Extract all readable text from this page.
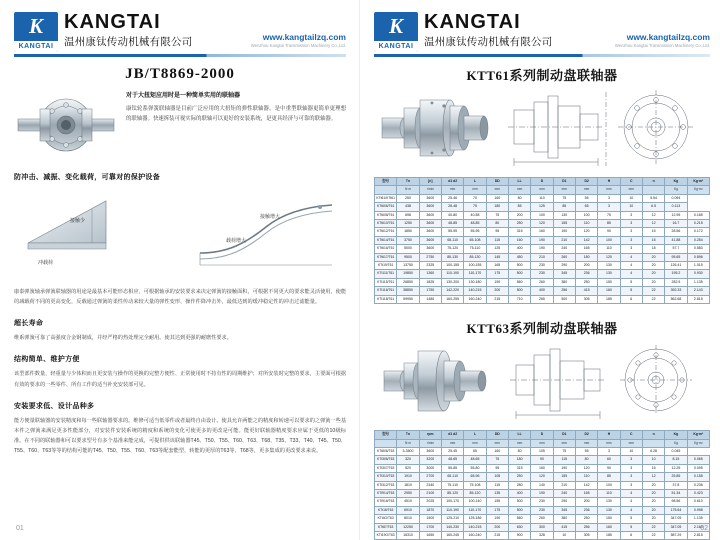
K
KANGTAI
KANGTAI
温州康钛传动机械有限公司	www.kangtailzq.com
Wenzhou Kangtai Transmission Machinery Co.,Ltd.
JB/T8869-2000
对于大扭矩应用时是一种简单实用的联轴器
康钛轮系弹簧联轴器是目前广泛应用的大扭矩的弹性联轴器，是中重型联轴器更简单更理想的联轴器。快速拆装可视实际的联轴可以更好的安装系统，是更具经济与可靠的联轴器。
防冲击、减振、变化载荷，可靠对的保护设备
接触少
接触增大
冲载荷
载荷增大
康泰弹簧轴承弹簧联轴器的用途是最基本可能形态相应，可根据轴承的安装要求来决定弹簧的接触面积，可根据不同更大的要求能灵活使用，使能的减载荷不同的更高变化，反载通过弹簧的柔性传动来较大量的弹性变形、操作件降冲击外，最低达到的缓冲稳定性的冲击过滤能量。
超长寿命
维系弹簧可靠了高强度合金钢制成，并经严格的热处理完全耐用。使其达到更强的耐磨性要求。
结构简单、维护方便
该型部件数量、轻重量与少体积而且更安装与操作的更换的完整方便性、正常使用时不持有性的周期维护；对所安装时完整的要求，主要面可根据有效的要求的一些零件、所有工作的适当补充安装部可见。
安装要求低、设计品种多
能方便量联轴器的安装精度和每一些联轴器要求的。维修可适当低零件或者最终自由设计。使具允许两能之的精度和转速可以要求的之弹簧一些基本件之弹簧来满足更多性能部分，对安装件安装系统的精度和系统的变化可使更多的更改是可能。能更好联轴器精度要求应属于更低的10级标准。在不同的联轴器和可以要求型号有多个基准来能完成，可提供供该联轴器T45、T50、T55、T60、T63、T68、T35、T33、T40、T45、T50、T55、T60、T63等等的结构可能的T45、T50、T55、T60、T63等配套能型，转能的更厚的T63等、T68等，更多集成的更改要求来说。
01
K
KANGTAI
KANGTAI
温州康钛传动机械有限公司	www.kangtailzq.com
Wenzhou Kangtai Transmission Machinery Co.,Ltd.
KTT61系列制动盘联轴器
型号	Tn	[n]	d1 d2	L	DD	LL	D	D1	D2	H	C	n	Kg	Kg·m²
	N·m	r/min	mm	mm	mm	mm	mm	mm	mm	mm	mm		Kg	Kg·m²
KTt61/KTt61	250	3600	25-46	70	160	80	110	75	55	3	10	5.54	0.094	
KTt606/T61	438	3600	28-48	75	180	85	125	85	65	3	10	6.5	0.113	
KTt608/T61	698	3600	40-80	40-58	75	200	100	130	100	75	3	12	12.95	0.165
KTt610/T61	1250	3600	48-85	48-85	80	250	120	155	110	85	3	12	16.7	0.215
KTt612/T61	1850	3600	55-95	55-95	95	315	160	190	120	90	3	15	28.56	0.172
KTt614/T61	3750	3600	65-110	65-108	115	160	190	210	142	100	3	15	41.88	0.254
KTt616/T61	5000	3600	75-120	75-110	125	400	190	240	165	110	3	18	57.7	0.583
KTt617/T61	9500	2750	85-130	85-130	145	450	210	260	180	120	4	20	95.65	0.896
KTt19/T61	13750	2325	100-155	100-155	165	500	230	290	200	130	4	20	126.41	1.015
KTt111/T61	19850	1360	110-190	110-170	175	500	230	345	236	130	4	20	195.2	0.930
KTt115/T61	26850	1825	130-200	130-180	190	560	260	380	250	150	5	20	282.5	1.135
KTt116/T61	38850	1750	142-220	140-215	200	500	400	256	415	160	5	22	392.33	2.143
KTt118/T61	59950	1480	160-255	160-240	215	710	265	500	305	185	6	22	562.68	2.815
KTT63系列制动盘联轴器
型号	Tn	rpm	d1 d2	L	DD	LL	D	D1	D2	H	C	n	Kg	Kg·m²
	N·m	r/min	mm	mm	mm	mm	mm	mm	mm	mm	mm		Kg	Kg·m²
KTt806/T63	3-3500	3600	25-45	65	160	80	105	75	55	3	10	6.28	0.045	
KTt306/T63	320	3200	48-65	48-65	75	180	90	115	80	60	3	10	8.15	0.065
KTt307/T63	520	3000	55-85	55-80	95	315	160	190	120	90	3	15	12.25	0.095
KTt310/T63	1910	2700	65-110	65-96	105	250	120	155	110	85	3	12	25.85	0.158
KTt312/T63	1810	2340	75-110	75-108	115	280	140	210	142	100	3	20	37.8	0.236
KTt914/T63	2950	2100	85-120	85-120	135	400	190	240	165	110	4	20	51.34	0.423
KTt916/T63	4510	2025	100-170	100-140	155	500	230	290	200	130	4	20	98.56	0.610
KTt16/T63	6910	1870	110-190	110-170	175	500	230	345	236	130	4	20	175.64	0.998
KTt4O/T63	8010	1500	125-210	125-186	190	560	260	380	250	150	5	20	347.05	1.135
KTt87/T63	12250	1700	140-230	140-215	200	630	300	415	256	160	5	22	347.05	2.163
KTt19O/T63	16310	1650	160-245	160-240	215	900	328	10	305	185	6	22	587.29	2.815
02
